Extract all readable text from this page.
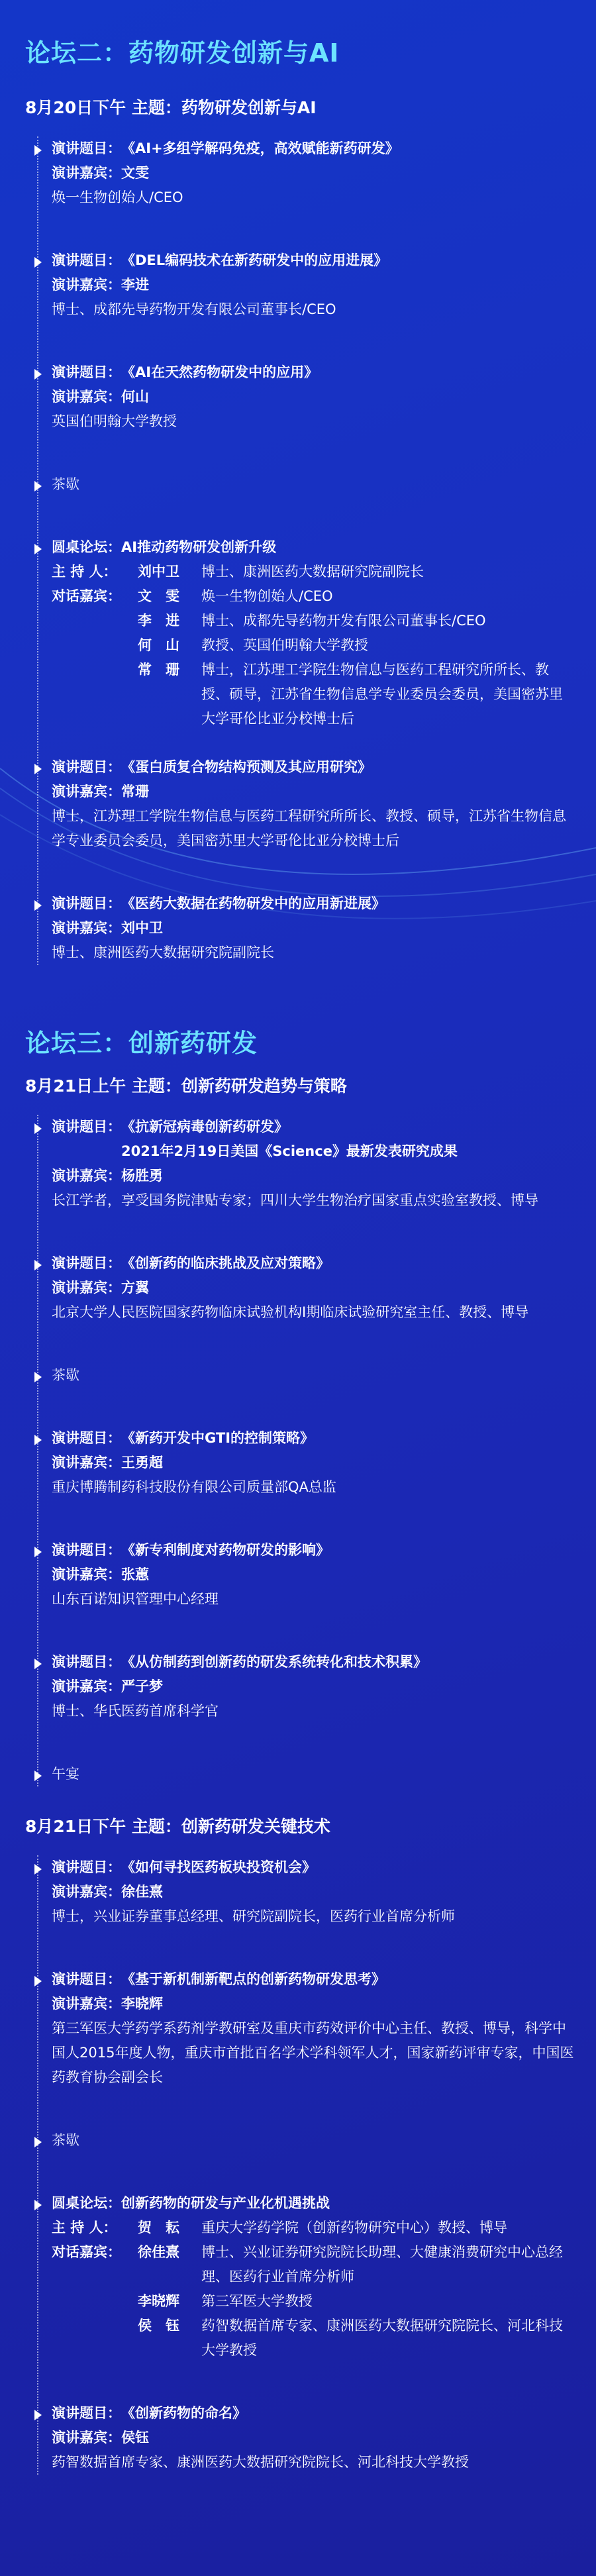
论坛二：药物研发创新与AI
8月20日下午 主题：药物研发创新与AI
演讲题目： 《AI+多组学解码免疫，高效赋能新药研发》
演讲嘉宾： 文雯
焕一生物创始人/CEO
演讲题目： 《DEL编码技术在新药研发中的应用进展》
演讲嘉宾： 李进
博士、成都先导药物开发有限公司董事长/CEO
演讲题目： 《AI在天然药物研发中的应用》
演讲嘉宾： 何山
英国伯明翰大学教授
茶歇
圆桌论坛： AI推动药物研发创新升级
主 持 人：	刘中卫	博士、康洲医药大数据研究院副院长
对话嘉宾：	文　雯	焕一生物创始人/CEO
李　进	博士、成都先导药物开发有限公司董事长/CEO
何　山	教授、英国伯明翰大学教授
常　珊	博士，江苏理工学院生物信息与医药工程研究所所长、教授、硕导，江苏省生物信息学专业委员会委员，美国密苏里大学哥伦比亚分校博士后
演讲题目： 《蛋白质复合物结构预测及其应用研究》
演讲嘉宾： 常珊
博士，江苏理工学院生物信息与医药工程研究所所长、教授、硕导，江苏省生物信息学专业委员会委员，美国密苏里大学哥伦比亚分校博士后
演讲题目： 《医药大数据在药物研发中的应用新进展》
演讲嘉宾： 刘中卫
博士、康洲医药大数据研究院副院长
论坛三：创新药研发
8月21日上午 主题：创新药研发趋势与策略
演讲题目： 《抗新冠病毒创新药研发》
2021年2月19日美国《Science》最新发表研究成果
演讲嘉宾： 杨胜勇
长江学者，享受国务院津贴专家；四川大学生物治疗国家重点实验室教授、博导
演讲题目： 《创新药的临床挑战及应对策略》
演讲嘉宾： 方翼
北京大学人民医院国家药物临床试验机构I期临床试验研究室主任、教授、博导
茶歇
演讲题目： 《新药开发中GTI的控制策略》
演讲嘉宾： 王勇超
重庆博腾制药科技股份有限公司质量部QA总监
演讲题目： 《新专利制度对药物研发的影响》
演讲嘉宾： 张蕙
山东百诺知识管理中心经理
演讲题目： 《从仿制药到创新药的研发系统转化和技术积累》
演讲嘉宾： 严子梦
博士、华氏医药首席科学官
午宴
8月21日下午 主题：创新药研发关键技术
演讲题目： 《如何寻找医药板块投资机会》
演讲嘉宾： 徐佳熹
博士，兴业证券董事总经理、研究院副院长，医药行业首席分析师
演讲题目： 《基于新机制新靶点的创新药物研发思考》
演讲嘉宾： 李晓辉
第三军医大学药学系药剂学教研室及重庆市药效评价中心主任、教授、博导，科学中国人2015年度人物，重庆市首批百名学术学科领军人才，国家新药评审专家，中国医药教育协会副会长
茶歇
圆桌论坛： 创新药物的研发与产业化机遇挑战
主 持 人：	贺　耘	重庆大学药学院（创新药物研究中心）教授、博导
对话嘉宾：	徐佳熹	博士、兴业证券研究院院长助理、大健康消费研究中心总经理、医药行业首席分析师
李晓辉	第三军医大学教授
侯　钰	药智数据首席专家、康洲医药大数据研究院院长、河北科技大学教授
演讲题目： 《创新药物的命名》
演讲嘉宾： 侯钰
药智数据首席专家、康洲医药大数据研究院院长、河北科技大学教授
